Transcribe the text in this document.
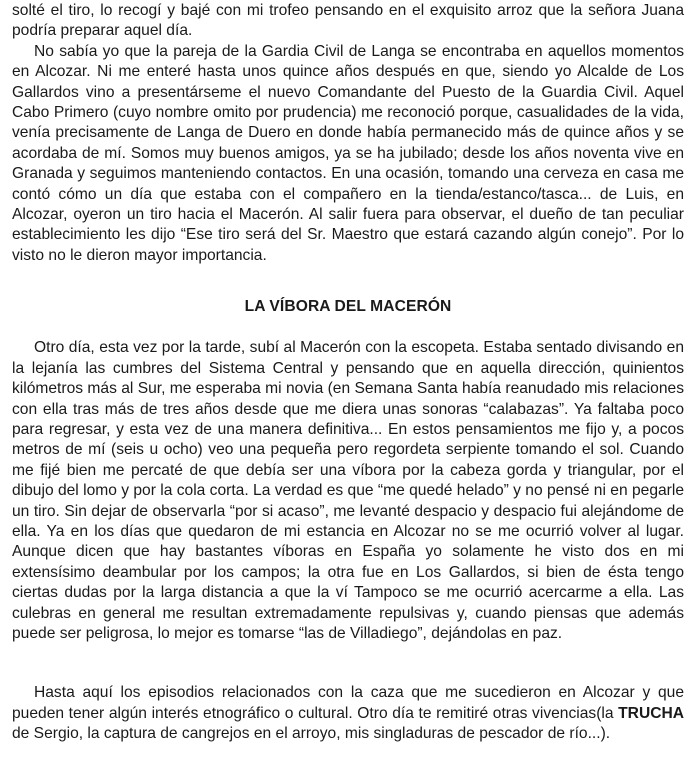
solté el tiro, lo recogí y bajé con mi trofeo pensando en el exquisito arroz que la señora Juana podría preparar aquel día.

No sabía yo que la pareja de la Gardia Civil de Langa se encontraba en aquellos momentos en Alcozar. Ni me enteré hasta unos quince años después en que, siendo yo Alcalde de Los Gallardos vino a presentárseme el nuevo Comandante del Puesto de la Guardia Civil. Aquel Cabo Primero (cuyo nombre omito por prudencia) me reconoció porque, casualidades de la vida, venía precisamente de Langa de Duero en donde había permanecido más de quince años y se acordaba de mí. Somos muy buenos amigos, ya se ha jubilado; desde los años noventa vive en Granada y seguimos manteniendo contactos. En una ocasión, tomando una cerveza en casa me contó cómo un día que estaba con el compañero en la tienda/estanco/tasca... de Luis, en Alcozar, oyeron un tiro hacia el Macerón. Al salir fuera para observar, el dueño de tan peculiar establecimiento les dijo “Ese tiro será del Sr. Maestro que estará cazando algún conejo”. Por lo visto no le dieron mayor importancia.

LA VÍBORA DEL MACERÓN

Otro día, esta vez por la tarde, subí al Macerón con la escopeta. Estaba sentado divisando en la lejanía las cumbres del Sistema Central y pensando que en aquella dirección, quinientos kilómetros más al Sur, me esperaba mi novia (en Semana Santa había reanudado mis relaciones con ella tras más de tres años desde que me diera unas sonoras “calabazas”. Ya faltaba poco para regresar, y esta vez de una manera definitiva... En estos pensamientos me fijo y, a pocos metros de mí (seis u ocho) veo una pequeña pero regordeta serpiente tomando el sol. Cuando me fijé bien me percaté de que debía ser una víbora por la cabeza gorda y triangular, por el dibujo del lomo y por la cola corta. La verdad es que “me quedé helado” y no pensé ni en pegarle un tiro. Sin dejar de observarla “por si acaso”, me levanté despacio y despacio fui alejándome de ella. Ya en los días que quedaron de mi estancia en Alcozar no se me ocurrió volver al lugar. Aunque dicen que hay bastantes víboras en España yo solamente he visto dos en mi extensísimo deambular por los campos; la otra fue en Los Gallardos, si bien de ésta tengo ciertas dudas por la larga distancia a que la ví Tampoco se me ocurrió acercarme a ella. Las culebras en general me resultan extremadamente repulsivas y, cuando piensas que además puede ser peligrosa, lo mejor es tomarse “las de Villadiego”, dejándolas en paz.

Hasta aquí los episodios relacionados con la caza que me sucedieron en Alcozar y que pueden tener algún interés etnográfico o cultural. Otro día te remitiré otras vivencias(la TRUCHA de Sergio, la captura de cangrejos en el arroyo, mis singladuras de pescador de río...).
